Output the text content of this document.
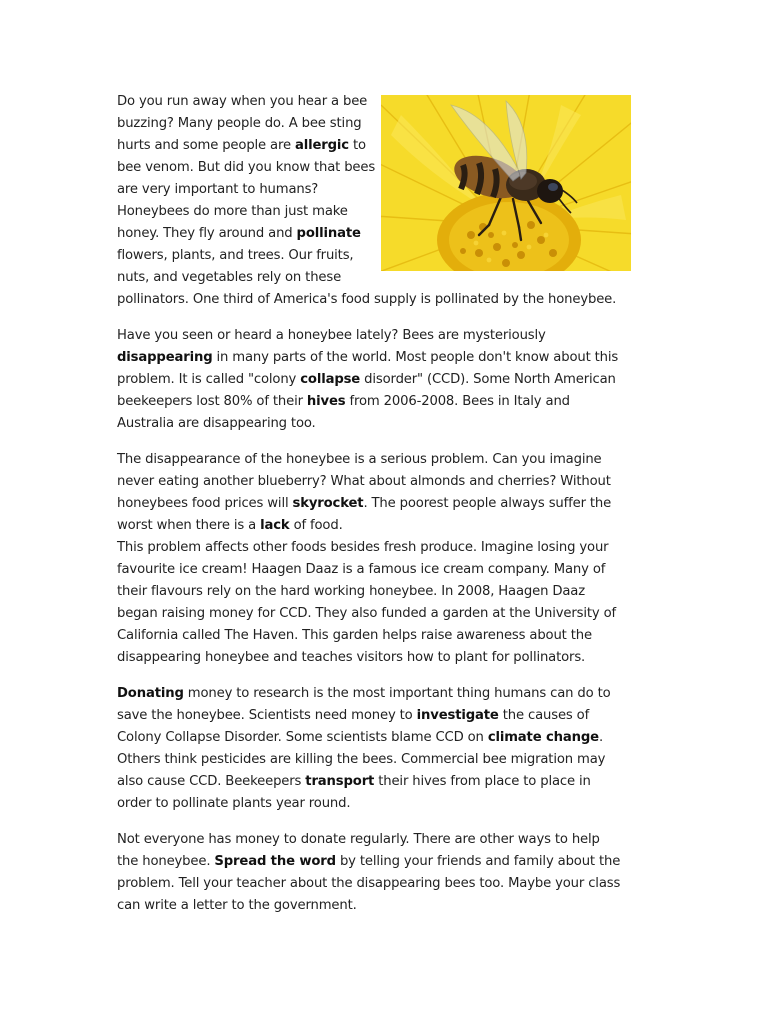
Do you run away when you hear a bee buzzing? Many people do. A bee sting hurts and some people are allergic to bee venom. But did you know that bees are very important to humans? Honeybees do more than just make honey. They fly around and pollinate flowers, plants, and trees. Our fruits, nuts, and vegetables rely on these pollinators. One third of America's food supply is pollinated by the honeybee.

Have you seen or heard a honeybee lately? Bees are mysteriously disappearing in many parts of the world. Most people don't know about this problem. It is called "colony collapse disorder" (CCD). Some North American beekeepers lost 80% of their hives from 2006-2008. Bees in Italy and Australia are disappearing too.

The disappearance of the honeybee is a serious problem. Can you imagine never eating another blueberry? What about almonds and cherries? Without honeybees food prices will skyrocket. The poorest people always suffer the worst when there is a lack of food.

This problem affects other foods besides fresh produce. Imagine losing your favourite ice cream! Haagen Daaz is a famous ice cream company. Many of their flavours rely on the hard working honeybee. In 2008, Haagen Daaz began raising money for CCD. They also funded a garden at the University of California called The Haven. This garden helps raise awareness about the disappearing honeybee and teaches visitors how to plant for pollinators.

Donating money to research is the most important thing humans can do to save the honeybee. Scientists need money to investigate the causes of Colony Collapse Disorder. Some scientists blame CCD on climate change. Others think pesticides are killing the bees. Commercial bee migration may also cause CCD. Beekeepers transport their hives from place to place in order to pollinate plants year round.

Not everyone has money to donate regularly. There are other ways to help the honeybee. Spread the word by telling your friends and family about the problem. Tell your teacher about the disappearing bees too. Maybe your class can write a letter to the government.
